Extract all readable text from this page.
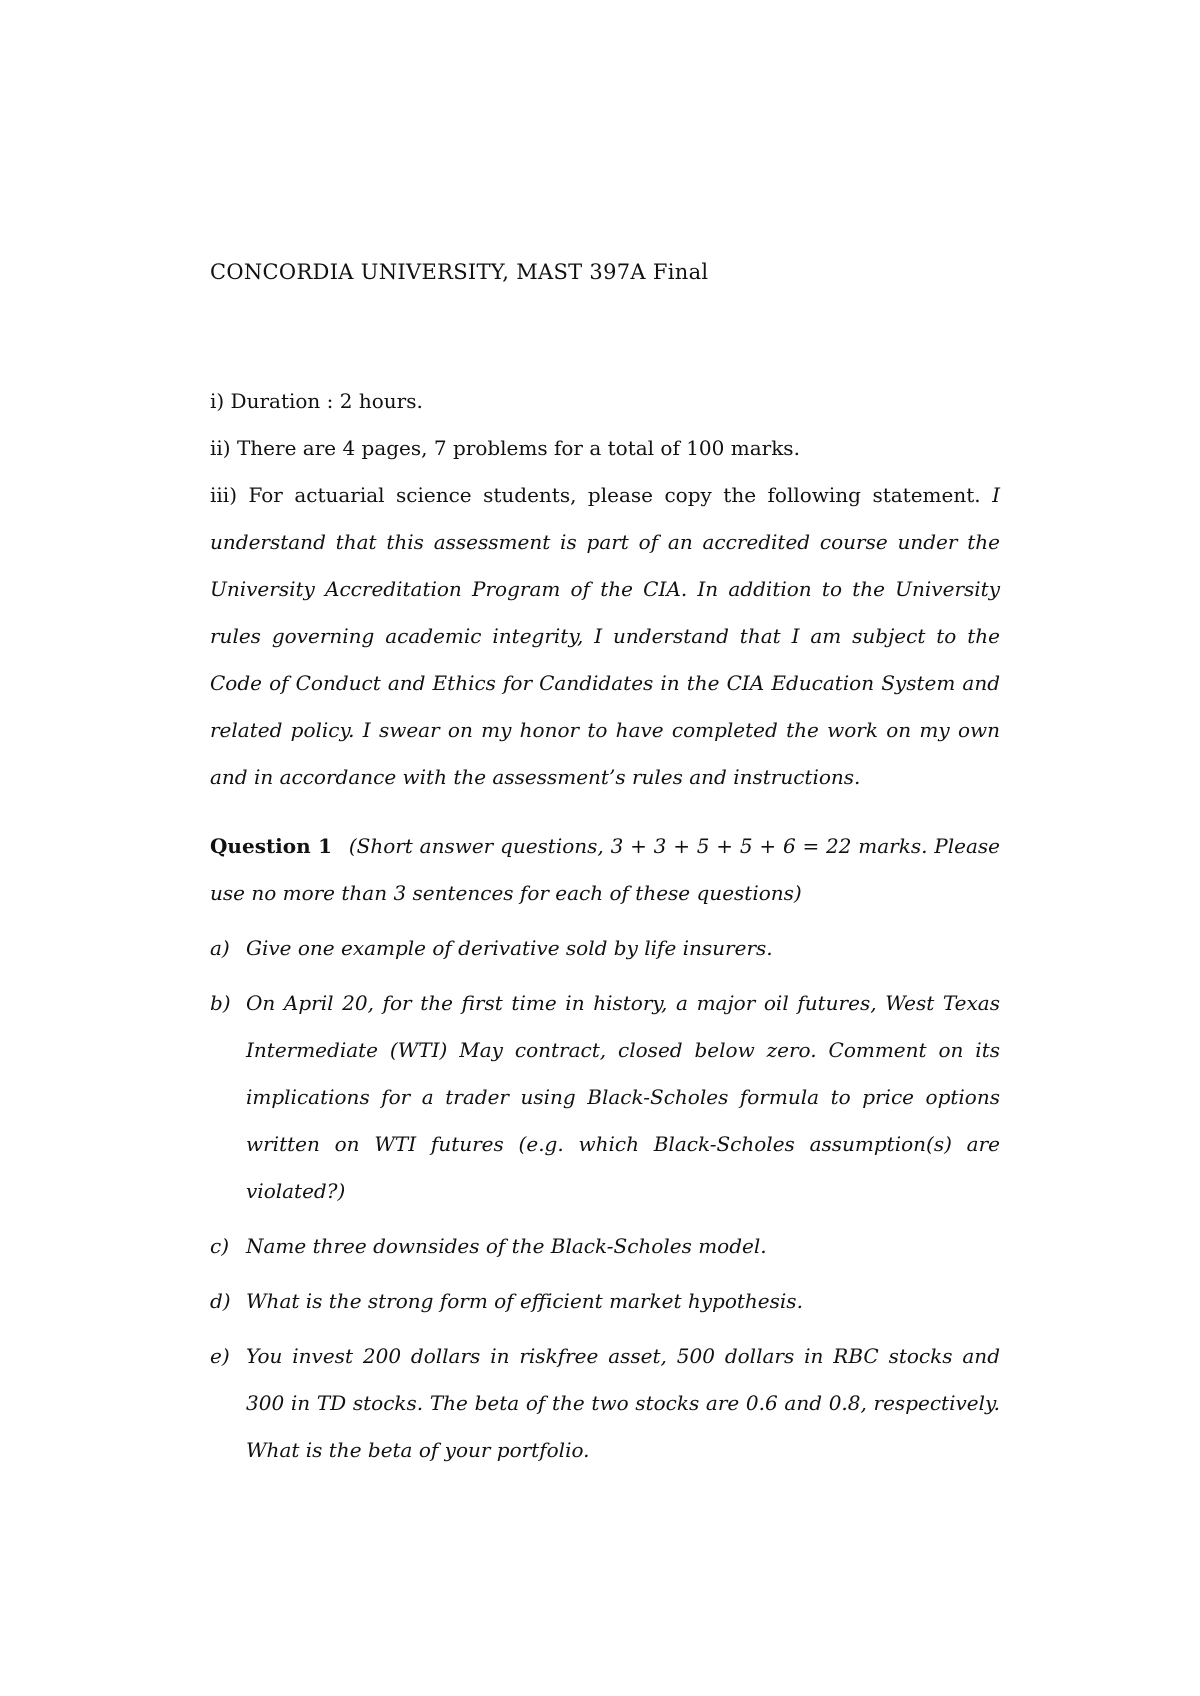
CONCORDIA UNIVERSITY, MAST 397A Final

i) Duration : 2 hours.

ii) There are 4 pages, 7 problems for a total of 100 marks.

iii) For actuarial science students, please copy the following statement. I understand that this assessment is part of an accredited course under the University Accreditation Program of the CIA. In addition to the University rules governing academic integrity, I understand that I am subject to the Code of Conduct and Ethics for Candidates in the CIA Education System and related policy. I swear on my honor to have completed the work on my own and in accordance with the assessment’s rules and instructions.

Question 1 (Short answer questions, 3 + 3 + 5 + 5 + 6 = 22 marks. Please use no more than 3 sentences for each of these questions)
a) Give one example of derivative sold by life insurers.
b) On April 20, for the first time in history, a major oil futures, West Texas Intermediate (WTI) May contract, closed below zero. Comment on its implications for a trader using Black-Scholes formula to price options written on WTI futures (e.g. which Black-Scholes assumption(s) are violated?)
c) Name three downsides of the Black-Scholes model.
d) What is the strong form of efficient market hypothesis.
e) You invest 200 dollars in riskfree asset, 500 dollars in RBC stocks and 300 in TD stocks. The beta of the two stocks are 0.6 and 0.8, respectively. What is the beta of your portfolio.
